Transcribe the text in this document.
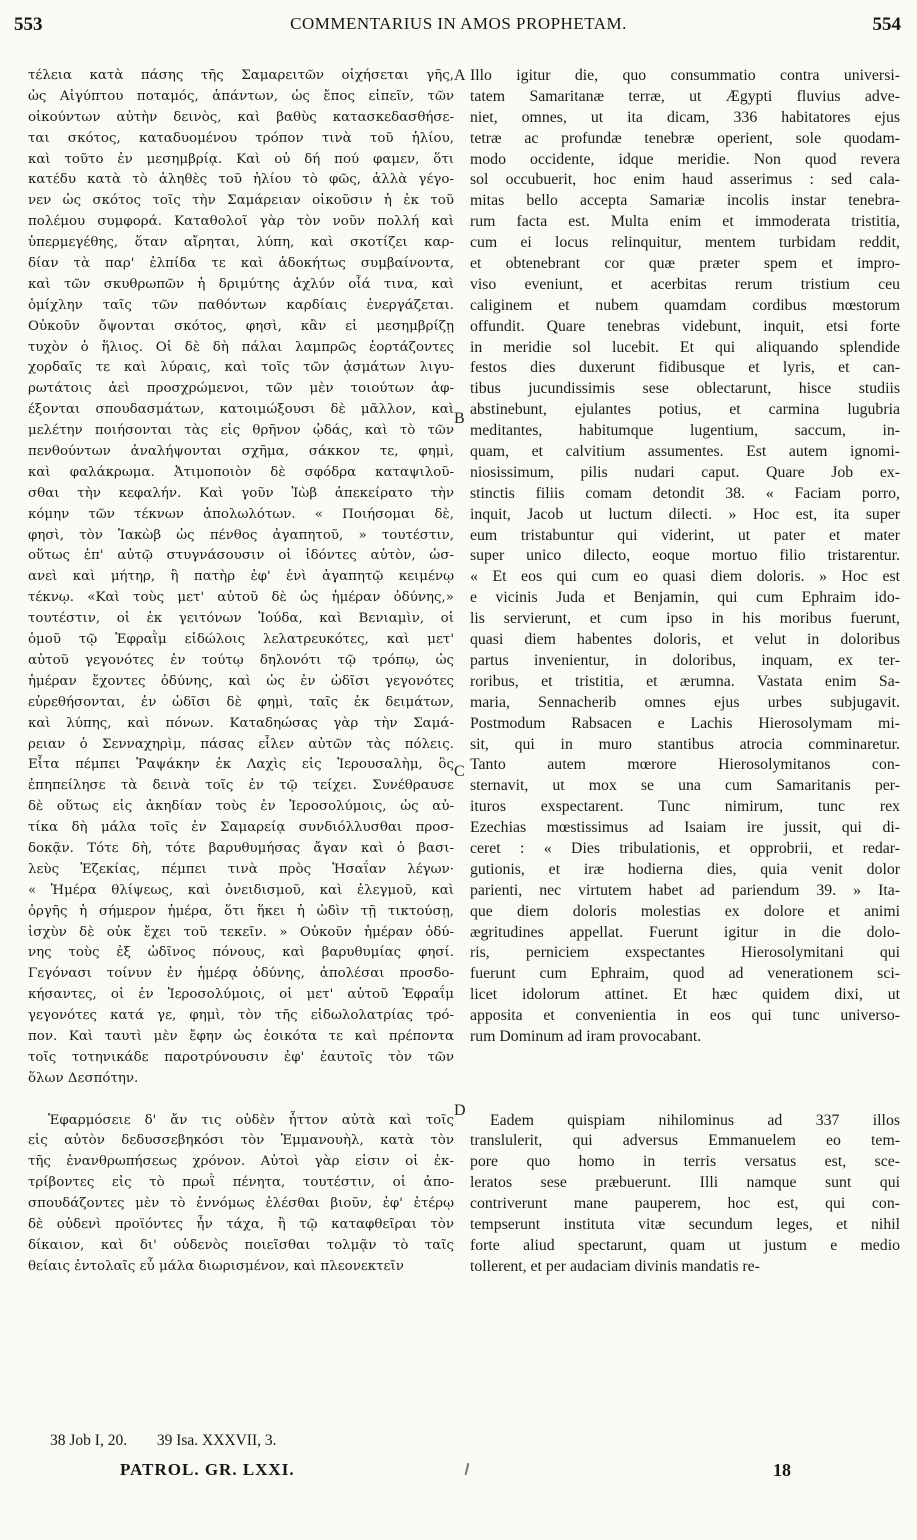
553	COMMENTARIUS IN AMOS PROPHETAM.	554
τέλεια κατὰ πάσης τῆς Σαμαρειτῶν οἰχήσεται γῆς,
ὡς Αἰγύπτου ποταμός, ἁπάντων, ὡς ἔπος εἰπεῖν, τῶν
οἰκούντων αὐτὴν δεινὸς, καὶ βαθὺς κατασκεδασθήσε-
ται σκότος, καταδυομένου τρόπον τινὰ τοῦ ἡλίου,
καὶ τοῦτο ἐν μεσημβρίᾳ. Καὶ οὐ δή πού φαμεν, ὅτι
κατέδυ κατὰ τὸ ἀληθὲς τοῦ ἡλίου τὸ φῶς, ἀλλὰ γέγο-
νεν ὡς σκότος τοῖς τὴν Σαμάρειαν οἰκοῦσιν ἡ ἐκ τοῦ
πολέμου συμφορά. Καταθολοῖ γὰρ τὸν νοῦν πολλή καὶ
ὑπερμεγέθης, ὅταν αἴρηται, λύπη, καὶ σκοτίζει καρ-
δίαν τὰ παρ' ἐλπίδα τε καὶ ἀδοκήτως συμβαίνοντα,
καὶ τῶν σκυθρωπῶν ἡ δριμύτης ἀχλύν οἷά τινα, καὶ
ὁμίχλην ταῖς τῶν παθόντων καρδίαις ἐνεργάζεται.
Οὐκοῦν ὄψονται σκότος, φησὶ, κἂν εἰ μεσημβρίζῃ
τυχὸν ὁ ἥλιος. Οἱ δὲ δὴ πάλαι λαμπρῶς ἑορτάζοντες
χορδαῖς τε καὶ λύραις, καὶ τοῖς τῶν ᾀσμάτων λιγυ-
ρωτάτοις ἀεὶ προσχρώμενοι, τῶν μὲν τοιούτων ἀφ-
έξονται σπουδασμάτων, κατοιμώξουσι δὲ μᾶλλον, καὶ
μελέτην ποιήσονται τὰς εἰς θρῆνον ᾠδάς, καὶ τὸ τῶν
πενθούντων ἀναλήψονται σχῆμα, σάκκον τε, φημὶ,
καὶ φαλάκρωμα. Ἀτιμοποιὸν δὲ σφόδρα καταψιλοῦ-
σθαι τὴν κεφαλήν. Καὶ γοῦν Ἰὼβ ἀπεκείρατο τὴν
κόμην τῶν τέκνων ἀπολωλότων. « Ποιήσομαι δὲ,
φησὶ, τὸν Ἰακὼβ ὡς πένθος ἀγαπητοῦ, » τουτέστιν,
οὕτως ἐπ' αὐτῷ στυγνάσουσιν οἱ ἰδόντες αὐτὸν, ὡσ-
ανεὶ καὶ μήτηρ, ἢ πατὴρ ἐφ' ἑνὶ ἀγαπητῷ κειμένῳ
τέκνῳ. «Καὶ τοὺς μετ' αὐτοῦ δὲ ὡς ἡμέραν ὀδύνης,»
τουτέστιν, οἱ ἐκ γειτόνων Ἰούδα, καὶ Βενιαμὶν, οἱ
ὁμοῦ τῷ Ἐφραῒμ εἰδώλοις λελατρευκότες, καὶ μετ'
αὐτοῦ γεγονότες ἐν τούτῳ δηλονότι τῷ τρόπῳ, ὡς
ἡμέραν ἔχοντες ὀδύνης, καὶ ὡς ἐν ὠδῖσι γεγονότες
εὑρεθήσονται, ἐν ὠδῖσι δὲ φημὶ, ταῖς ἐκ δειμάτων,
καὶ λύπης, καὶ πόνων. Καταδηώσας γὰρ τὴν Σαμά-
ρειαν ὁ Σενναχηρὶμ, πάσας εἷλεν αὐτῶν τὰς πόλεις.
Εἶτα πέμπει Ῥαψάκην ἐκ Λαχὶς εἰς Ἱερουσαλὴμ, ὃς
ἐπηπείλησε τὰ δεινὰ τοῖς ἐν τῷ τείχει. Συνέθραυσε
δὲ οὕτως εἰς ἀκηδίαν τοὺς ἐν Ἱεροσολύμοις, ὡς αὐ-
τίκα δὴ μάλα τοῖς ἐν Σαμαρείᾳ συνδιόλλυσθαι προσ-
δοκᾷν. Τότε δὴ, τότε βαρυθυμήσας ἄγαν καὶ ὁ βασι-
λεὺς Ἐζεκίας, πέμπει τινὰ πρὸς Ἡσαΐαν λέγων·
« Ἡμέρα θλίψεως, καὶ ὀνειδισμοῦ, καὶ ἐλεγμοῦ, καὶ
ὀργῆς ἡ σήμερον ἡμέρα, ὅτι ἥκει ἡ ὠδὶν τῇ τικτούσῃ,
ἰσχὺν δὲ οὐκ ἔχει τοῦ τεκεῖν. » Οὐκοῦν ἡμέραν ὀδύ-
νης τοὺς ἐξ ὠδῖνος πόνους, καὶ βαρυθυμίας φησί.
Γεγόνασι τοίνυν ἐν ἡμέρᾳ ὀδύνης, ἀπολέσαι προσδο-
κήσαντες, οἱ ἐν Ἱεροσολύμοις, οἱ μετ' αὐτοῦ Ἐφραΐμ
γεγονότες κατά γε, φημὶ, τὸν τῆς εἰδωλολατρίας τρό-
πον. Καὶ ταυτὶ μὲν ἔφην ὡς ἐοικότα τε καὶ πρέποντα
τοῖς τοτηνικάδε παροτρύνουσιν ἐφ' ἑαυτοῖς τὸν τῶν
ὅλων Δεσπότην.
Ἐφαρμόσειε δ' ἄν τις οὐδὲν ἧττον αὐτὰ καὶ τοῖς
εἰς αὐτὸν δεδυσσεβηκόσι τὸν Ἐμμανουὴλ, κατὰ τὸν
τῆς ἐνανθρωπήσεως χρόνον. Αὐτοὶ γὰρ εἰσιν οἱ ἐκ-
τρίβοντες εἰς τὸ πρωῒ πένητα, τουτέστιν, οἱ ἀπο-
σπουδάζοντες μὲν τὸ ἐννόμως ἑλέσθαι βιοῦν, ἐφ' ἑτέρῳ
δὲ οὐδενὶ προϊόντες ἦν τάχα, ἢ τῷ καταφθεῖραι τὸν
δίκαιον, καὶ δι' οὐδενὸς ποιεῖσθαι τολμᾷν τὸ ταῖς
θείαις ἐντολαῖς εὖ μάλα διωρισμένον, καὶ πλεονεκτεῖν
Illo igitur die, quo consummatio contra universi-
tatem Samaritanæ terræ, ut Ægypti fluvius adve-
niet, omnes, ut ita dicam, 336 habitatores ejus
tetræ ac profundæ tenebræ operient, sole quodam-
modo occidente, idque meridie. Non quod revera
sol occubuerit, hoc enim haud asserimus : sed cala-
mitas bello accepta Samariæ incolis instar tenebra-
rum facta est. Multa enim et immoderata tristitia,
cum ei locus relinquitur, mentem turbidam reddit,
et obtenebrant cor quæ præter spem et impro-
viso eveniunt, et acerbitas rerum tristium ceu
caliginem et nubem quamdam cordibus mœstorum
offundit. Quare tenebras videbunt, inquit, etsi forte
in meridie sol lucebit. Et qui aliquando splendide
festos dies duxerunt fidibusque et lyris, et can-
tibus jucundissimis sese oblectarunt, hisce studiis
abstinebunt, ejulantes potius, et carmina lugubria
meditantes, habitumque lugentium, saccum, in-
quam, et calvitium assumentes. Est autem ignomi-
niosissimum, pilis nudari caput. Quare Job ex-
stinctis filiis comam detondit 38. « Faciam porro,
inquit, Jacob ut luctum dilecti. » Hoc est, ita super
eum tristabuntur qui viderint, ut pater et mater
super unico dilecto, eoque mortuo filio tristarentur.
« Et eos qui cum eo quasi diem doloris. » Hoc est
e vicinis Juda et Benjamin, qui cum Ephraim ido-
lis servierunt, et cum ipso in his moribus fuerunt,
quasi diem habentes doloris, et velut in doloribus
partus invenientur, in doloribus, inquam, ex ter-
roribus, et tristitia, et ærumna. Vastata enim Sa-
maria, Sennacherib omnes ejus urbes subjugavit.
Postmodum Rabsacen e Lachis Hierosolymam mi-
sit, qui in muro stantibus atrocia comminaretur.
Tanto autem mœrore Hierosolymitanos con-
sternavit, ut mox se una cum Samaritanis per-
ituros exspectarent. Tunc nimirum, tunc rex
Ezechias mœstissimus ad Isaiam ire jussit, qui di-
ceret : « Dies tribulationis, et opprobrii, et redar-
gutionis, et iræ hodierna dies, quia venit dolor
parienti, nec virtutem habet ad pariendum 39. » Ita-
que diem doloris molestias ex dolore et animi
ægritudines appellat. Fuerunt igitur in die dolo-
ris, perniciem exspectantes Hierosolymitani qui
fuerunt cum Ephraim, quod ad venerationem sci-
licet idolorum attinet. Et hæc quidem dixi, ut
apposita et convenientia in eos qui tunc universo-
rum Dominum ad iram provocabant.
Eadem quispiam nihilominus ad 337 illos
translulerit, qui adversus Emmanuelem eo tem-
pore quo homo in terris versatus est, sce-
leratos sese præbuerunt. Illi namque sunt qui
contriverunt mane pauperem, hoc est, qui con-
tempserunt instituta vitæ secundum leges, et nihil
forte aliud spectarunt, quam ut justum e medio
tollerent, et per audaciam divinis mandatis re-
A
B
C
D
38 Job I, 20. 39 Isa. XXXVII, 3.
PATROL. GR. LXXI.	18
